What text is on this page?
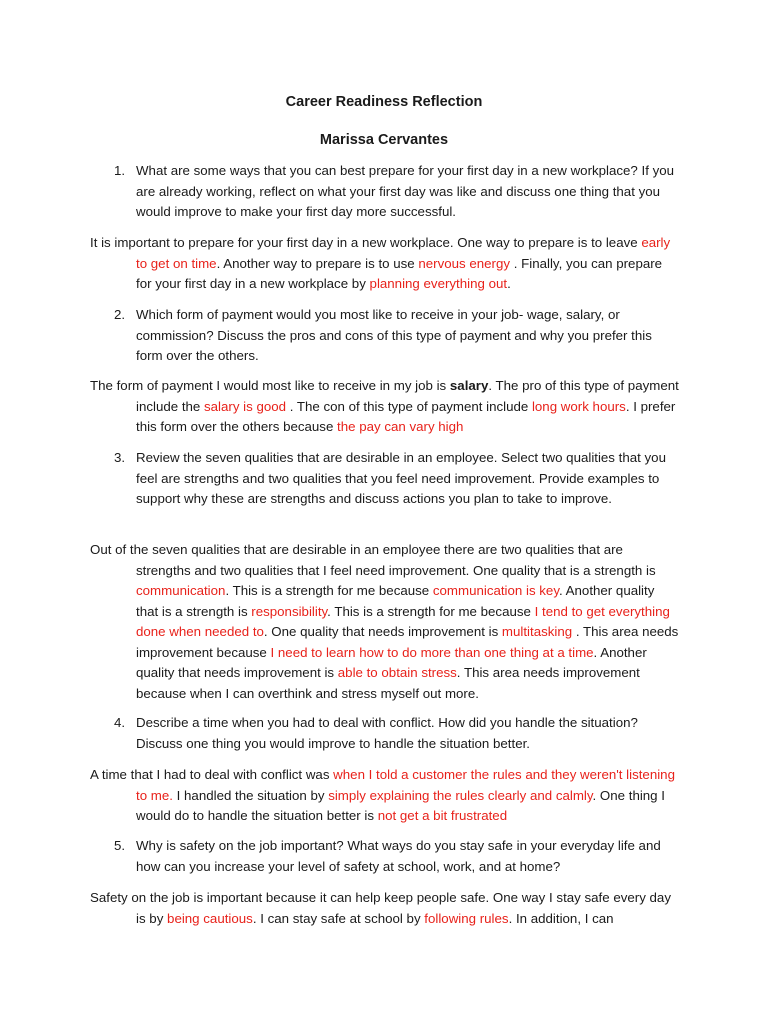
Career Readiness Reflection
Marissa Cervantes
1. What are some ways that you can best prepare for your first day in a new workplace? If you are already working, reflect on what your first day was like and discuss one thing that you would improve to make your first day more successful.
It is important to prepare for your first day in a new workplace. One way to prepare is to leave early to get on time. Another way to prepare is to use nervous energy . Finally, you can prepare for your first day in a new workplace by planning everything out.
2. Which form of payment would you most like to receive in your job- wage, salary, or commission? Discuss the pros and cons of this type of payment and why you prefer this form over the others.
The form of payment I would most like to receive in my job is salary. The pro of this type of payment include the salary is good . The con of this type of payment include long work hours. I prefer this form over the others because the pay can vary high
3. Review the seven qualities that are desirable in an employee. Select two qualities that you feel are strengths and two qualities that you feel need improvement. Provide examples to support why these are strengths and discuss actions you plan to take to improve.
Out of the seven qualities that are desirable in an employee there are two qualities that are strengths and two qualities that I feel need improvement. One quality that is a strength is communication. This is a strength for me because communication is key. Another quality that is a strength is responsibility. This is a strength for me because I tend to get everything done when needed to. One quality that needs improvement is multitasking . This area needs improvement because I need to learn how to do more than one thing at a time. Another quality that needs improvement is able to obtain stress. This area needs improvement because when I can overthink and stress myself out more.
4. Describe a time when you had to deal with conflict. How did you handle the situation? Discuss one thing you would improve to handle the situation better.
A time that I had to deal with conflict was when I told a customer the rules and they weren't listening to me. I handled the situation by simply explaining the rules clearly and calmly. One thing I would do to handle the situation better is not get a bit frustrated
5. Why is safety on the job important? What ways do you stay safe in your everyday life and how can you increase your level of safety at school, work, and at home?
Safety on the job is important because it can help keep people safe. One way I stay safe every day is by being cautious. I can stay safe at school by following rules. In addition, I can
